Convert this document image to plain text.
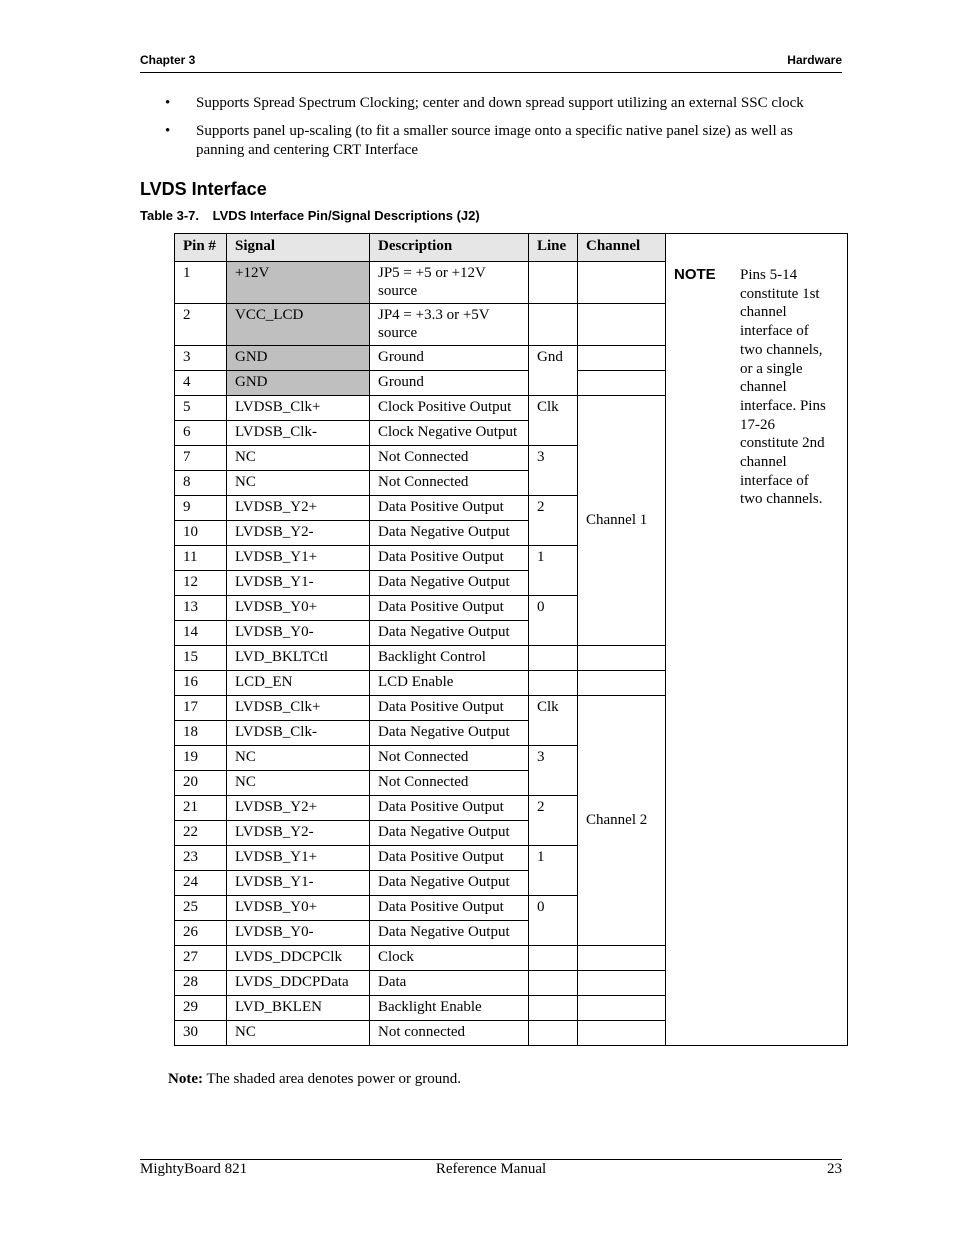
Chapter 3	Hardware
• Supports Spread Spectrum Clocking; center and down spread support utilizing an external SSC clock
• Supports panel up-scaling (to fit a smaller source image onto a specific native panel size) as well as panning and centering CRT Interface
LVDS Interface
Table 3-7. LVDS Interface Pin/Signal Descriptions (J2)
Pin #	Signal	Description	Line	Channel	NOTE Pins 5-14 constitute 1st channel interface of two channels, or a single channel interface. Pins 17-26 constitute 2nd channel interface of two channels.
1	+12V	JP5 = +5 or +12V source			
2	VCC_LCD	JP4 = +3.3 or +5V source			
3	GND	Ground	Gnd		
4	GND	Ground			
5	LVDSB_Clk+	Clock Positive Output	Clk	Channel 1	
6	LVDSB_Clk-	Clock Negative Output			
7	NC	Not Connected	3		
8	NC	Not Connected			
9	LVDSB_Y2+	Data Positive Output	2		
10	LVDSB_Y2-	Data Negative Output			
11	LVDSB_Y1+	Data Positive Output	1		
12	LVDSB_Y1-	Data Negative Output			
13	LVDSB_Y0+	Data Positive Output	0		
14	LVDSB_Y0-	Data Negative Output			
15	LVD_BKLTCtl	Backlight Control			
16	LCD_EN	LCD Enable			
17	LVDSB_Clk+	Data Positive Output	Clk	Channel 2	
18	LVDSB_Clk-	Data Negative Output			
19	NC	Not Connected	3		
20	NC	Not Connected			
21	LVDSB_Y2+	Data Positive Output	2		
22	LVDSB_Y2-	Data Negative Output			
23	LVDSB_Y1+	Data Positive Output	1		
24	LVDSB_Y1-	Data Negative Output			
25	LVDSB_Y0+	Data Positive Output	0		
26	LVDSB_Y0-	Data Negative Output			
27	LVDS_DDCPClk	Clock			
28	LVDS_DDCPData	Data			
29	LVD_BKLEN	Backlight Enable			
30	NC	Not connected			
Note: The shaded area denotes power or ground.
MightyBoard 821	Reference Manual	23
